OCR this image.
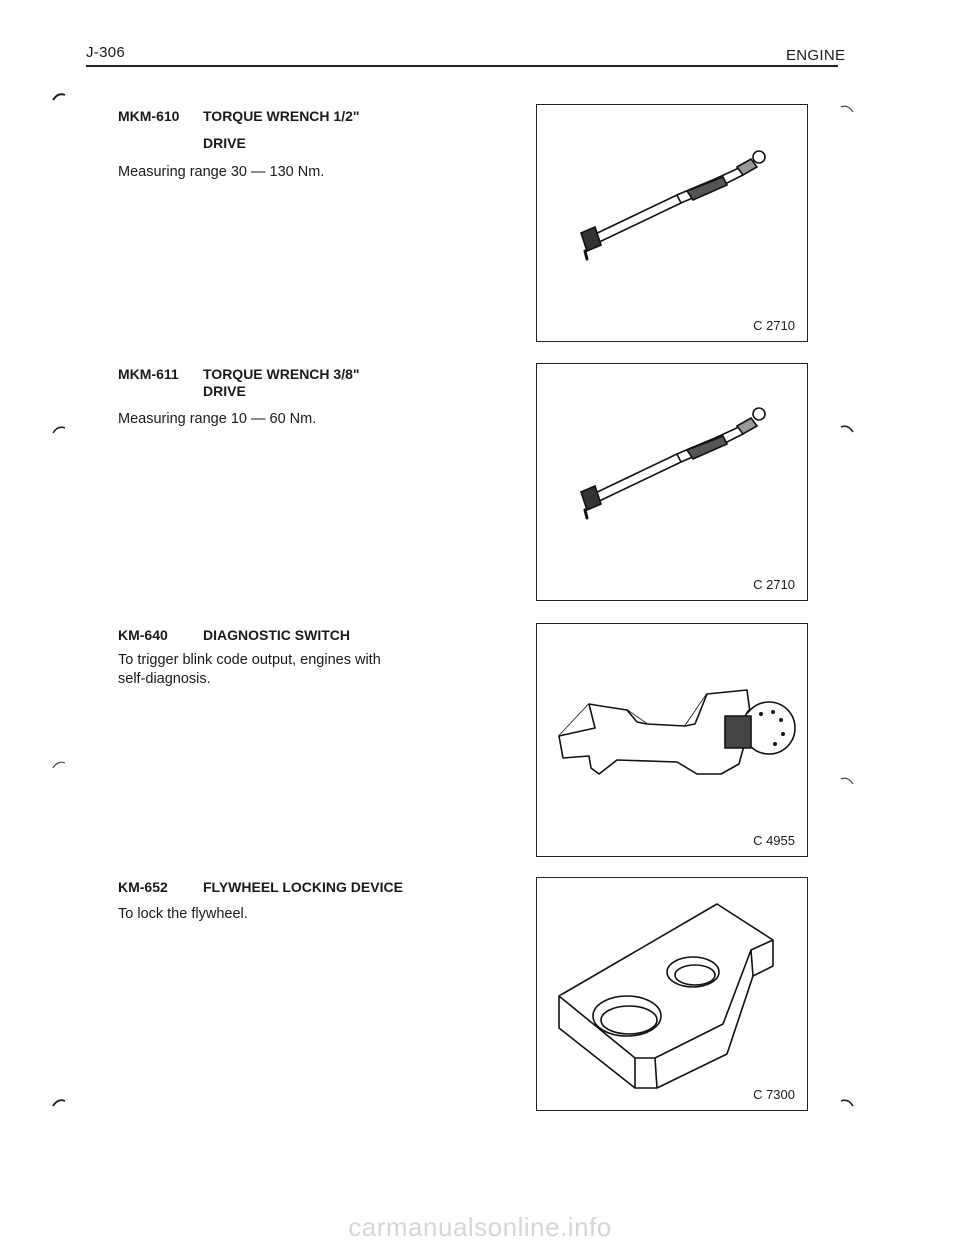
J-306	ENGINE
MKM-610 TORQUE WRENCH 1/2"
DRIVE
Measuring range 30 — 130 Nm.
C 2710
MKM-611 TORQUE WRENCH 3/8"
DRIVE
Measuring range 10 — 60 Nm.
C 2710
KM-640	DIAGNOSTIC SWITCH
To trigger blink code output, engines with
self-diagnosis.
C 4955
KM-652	FLYWHEEL LOCKING DEVICE
To lock the flywheel.
C 7300
carmanualsonline.info
